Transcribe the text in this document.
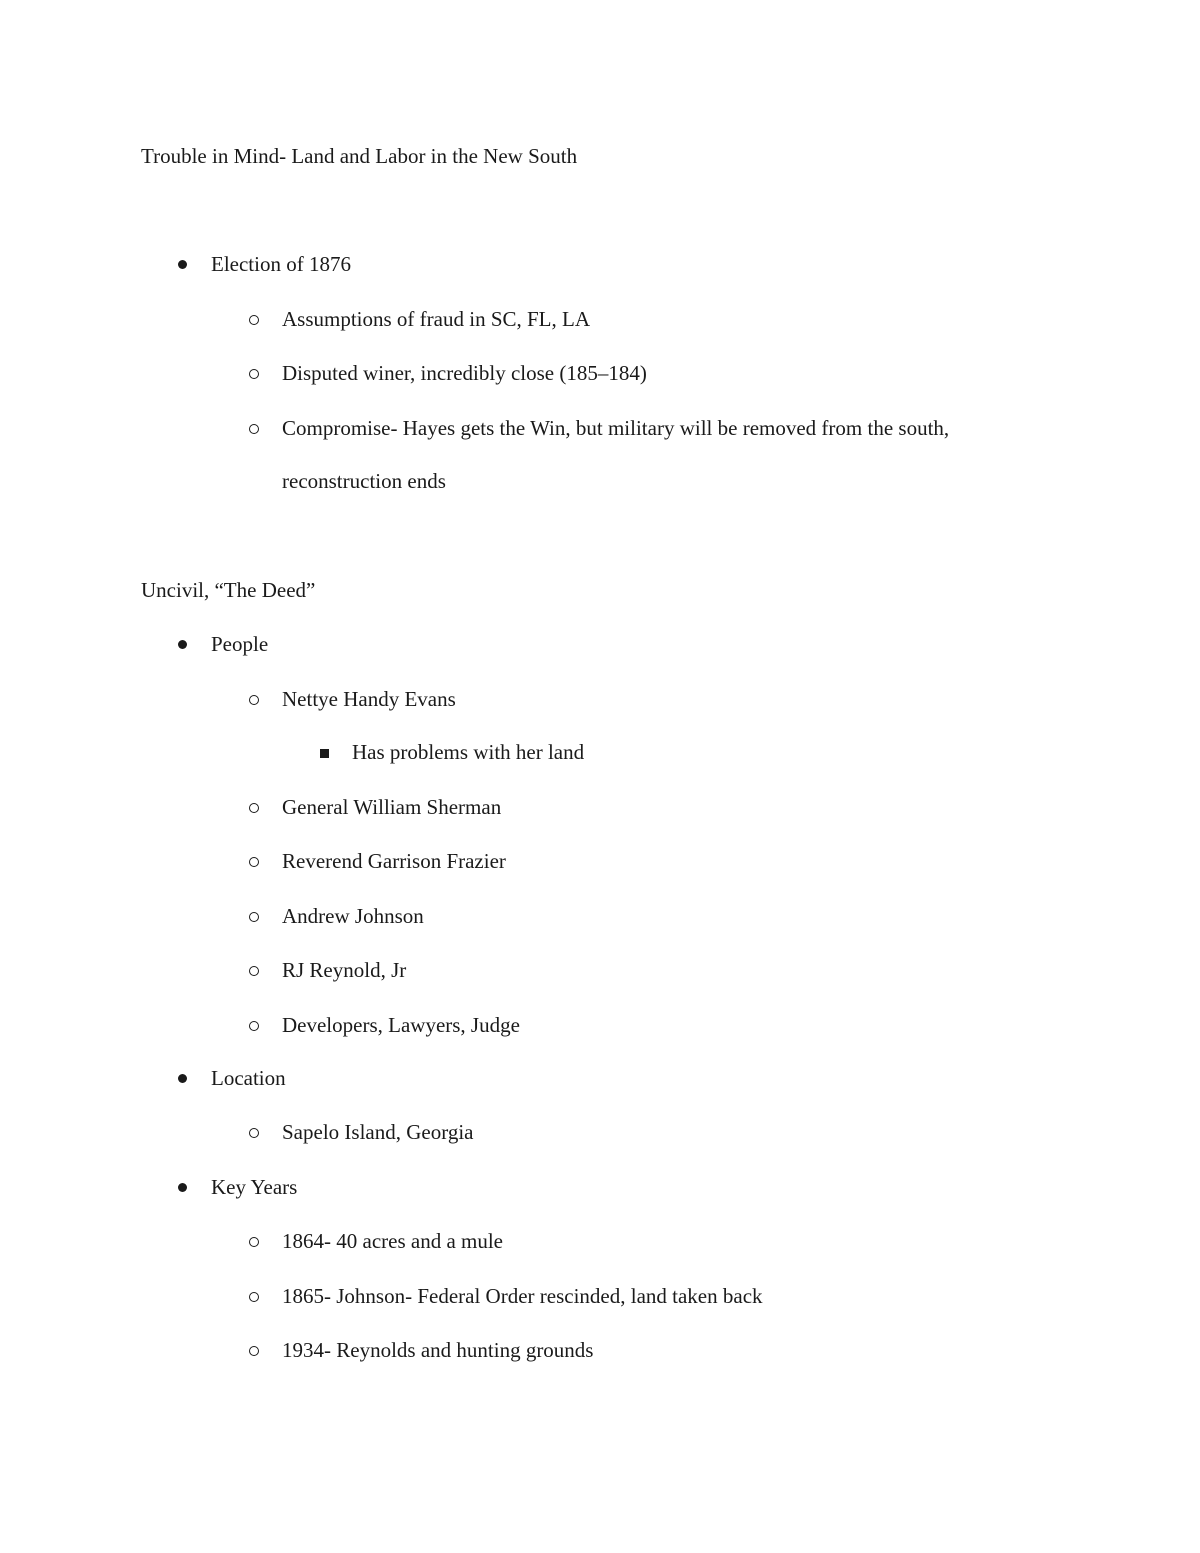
Trouble in Mind- Land and Labor in the New South
Election of 1876
Assumptions of fraud in SC, FL, LA
Disputed winer, incredibly close (185–184)
Compromise- Hayes gets the Win, but military will be removed from the south,
reconstruction ends
Uncivil, “The Deed”
People
Nettye Handy Evans
Has problems with her land
General William Sherman
Reverend Garrison Frazier
Andrew Johnson
RJ Reynold, Jr
Developers, Lawyers, Judge
Location
Sapelo Island, Georgia
Key Years
1864- 40 acres and a mule
1865- Johnson- Federal Order rescinded, land taken back
1934- Reynolds and hunting grounds
